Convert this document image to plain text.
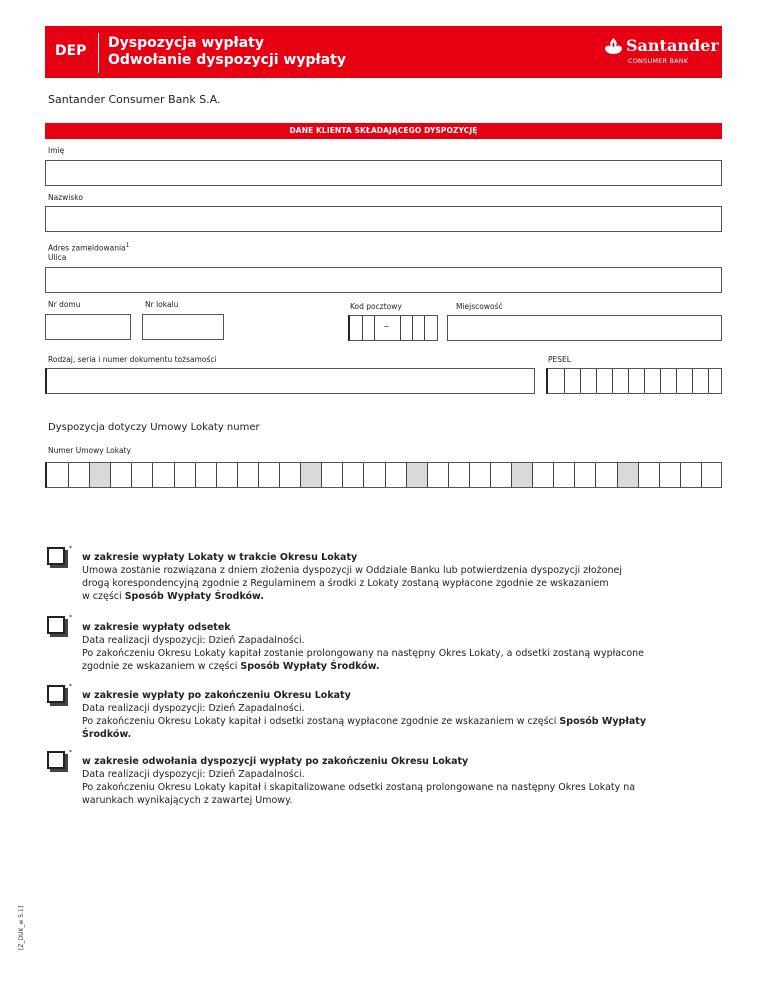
DEP	Dyspozycja wypłaty
Odwołanie dyspozycji wypłaty
Santander
CONSUMER BANK
Santander Consumer Bank S.A.
DANE KLIENTA SKŁADAJĄCEGO DYSPOZYCJĘ
Imię
Nazwisko
Adres zameldowania$^1$
Ulica
Nr domu	Nr lokalu	Kod pocztowy
–
Miejscowość
Rodzaj, seria i numer dokumentu tożsamości	PESEL
Dyspozycja dotyczy Umowy Lokaty numer
Numer Umowy Lokaty
*
w zakresie wypłaty Lokaty w trakcie Okresu Lokaty
Umowa zostanie rozwiązana z dniem złożenia dyspozycji w Oddziale Banku lub potwierdzenia dyspozycji złożonej
drogą korespondencyjną zgodnie z Regulaminem a środki z Lokaty zostaną wypłacone zgodnie ze wskazaniem
w części Sposób Wypłaty Środków.
*
w zakresie wypłaty odsetek
Data realizacji dyspozycji: Dzień Zapadalności.
Po zakończeniu Okresu Lokaty kapitał zostanie prolongowany na następny Okres Lokaty, a odsetki zostaną wypłacone
zgodnie ze wskazaniem w części Sposób Wypłaty Środków.
*
w zakresie wypłaty po zakończeniu Okresu Lokaty
Data realizacji dyspozycji: Dzień Zapadalności.
Po zakończeniu Okresu Lokaty kapitał i odsetki zostaną wypłacone zgodnie ze wskazaniem w części Sposób Wypłaty
Środków.
*
w zakresie odwołania dyspozycji wypłaty po zakończeniu Okresu Lokaty
Data realizacji dyspozycji: Dzień Zapadalności.
Po zakończeniu Okresu Lokaty kapitał i skapitalizowane odsetki zostaną prolongowane na następny Okres Lokaty na
warunkach wynikających z zawartej Umowy.
[Z_DUK_w 5.1]
